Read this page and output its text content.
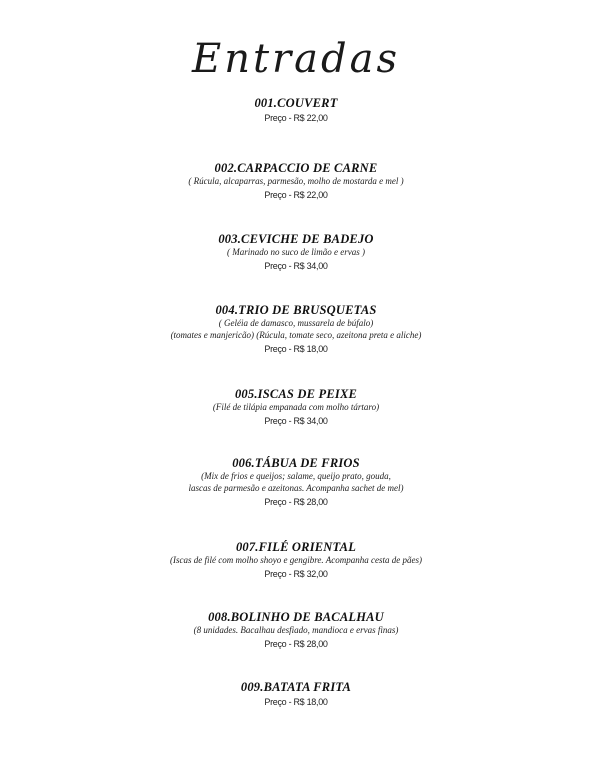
Entradas
001.COUVERT
Preço - R$ 22,00
002.CARPACCIO DE CARNE
( Rúcula, alcaparras, parmesão, molho de mostarda e mel )
Preço - R$ 22,00
003.CEVICHE DE BADEJO
( Marinado no suco de limão e ervas )
Preço - R$ 34,00
004.TRIO DE BRUSQUETAS
( Geléia de damasco, mussarela de búfalo)
(tomates e manjericão) (Rúcula, tomate seco, azeitona preta e aliche)
Preço - R$ 18,00
005.ISCAS DE PEIXE
(Filé de tilápia empanada com molho tártaro)
Preço - R$ 34,00
006.TÁBUA DE FRIOS
(Mix de frios e queijos; salame, queijo prato, gouda,
lascas de parmesão e azeitonas. Acompanha sachet de mel)
Preço - R$ 28,00
007.FILÉ ORIENTAL
(Iscas de filé com molho shoyo e gengibre. Acompanha cesta de pães)
Preço - R$ 32,00
008.BOLINHO DE BACALHAU
(8 unidades. Bacalhau desfiado, mandioca e ervas finas)
Preço - R$ 28,00
009.BATATA FRITA
Preço - R$ 18,00
